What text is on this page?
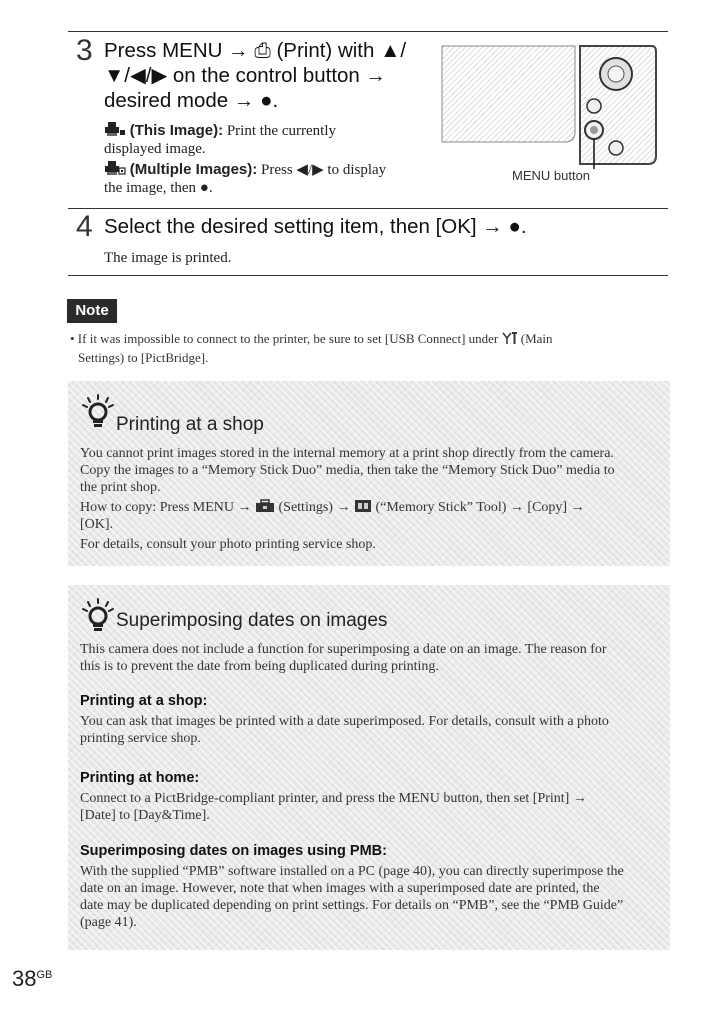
3 Press MENU → ⎙ (Print) with ▲/
▼/◀/▶ on the control button →
desired mode → ●.
(This Image): Print the currently
displayed image.
(Multiple Images): Press ◀/▶ to display
the image, then ●.
MENU button
4 Select the desired setting item, then [OK] → ●.
The image is printed.
Note
• If it was impossible to connect to the printer, be sure to set [USB Connect] under (Main
Settings) to [PictBridge].
Printing at a shop
You cannot print images stored in the internal memory at a print shop directly from the camera.
Copy the images to a “Memory Stick Duo” media, then take the “Memory Stick Duo” media to
the print shop.
How to copy: Press MENU → (Settings) → (“Memory Stick” Tool) → [Copy] →
[OK].
For details, consult your photo printing service shop.
Superimposing dates on images
This camera does not include a function for superimposing a date on an image. The reason for
this is to prevent the date from being duplicated during printing.
Printing at a shop:
You can ask that images be printed with a date superimposed. For details, consult with a photo
printing service shop.
Printing at home:
Connect to a PictBridge-compliant printer, and press the MENU button, then set [Print] →
[Date] to [Day&Time].
Superimposing dates on images using PMB:
With the supplied “PMB” software installed on a PC (page 40), you can directly superimpose the
date on an image. However, note that when images with a superimposed date are printed, the
date may be duplicated depending on print settings. For details on “PMB”, see the “PMB Guide”
(page 41).
$38^{GB}$
